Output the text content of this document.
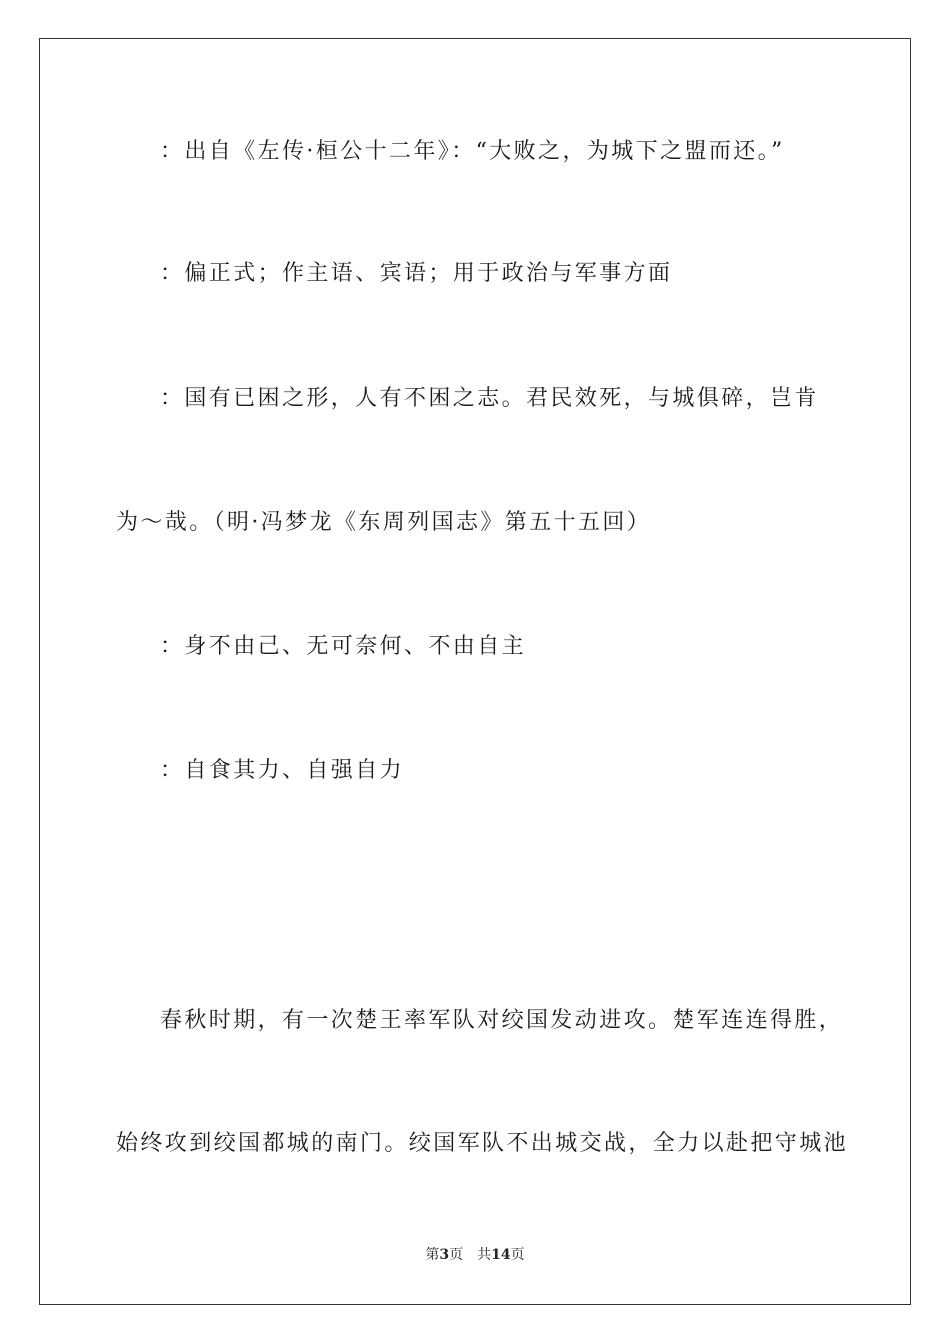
：出自《左传·桓公十二年》：“大败之，为城下之盟而还。”
：偏正式；作主语、宾语；用于政治与军事方面
：国有已困之形，人有不困之志。君民效死，与城俱碎，岂肯
为～哉。（明·冯梦龙《东周列国志》第五十五回）
：身不由己、无可奈何、不由自主
：自食其力、自强自力
春秋时期，有一次楚王率军队对绞国发动进攻。楚军连连得胜，
始终攻到绞国都城的南门。绞国军队不出城交战，全力以赴把守城池
第3页 共14页
